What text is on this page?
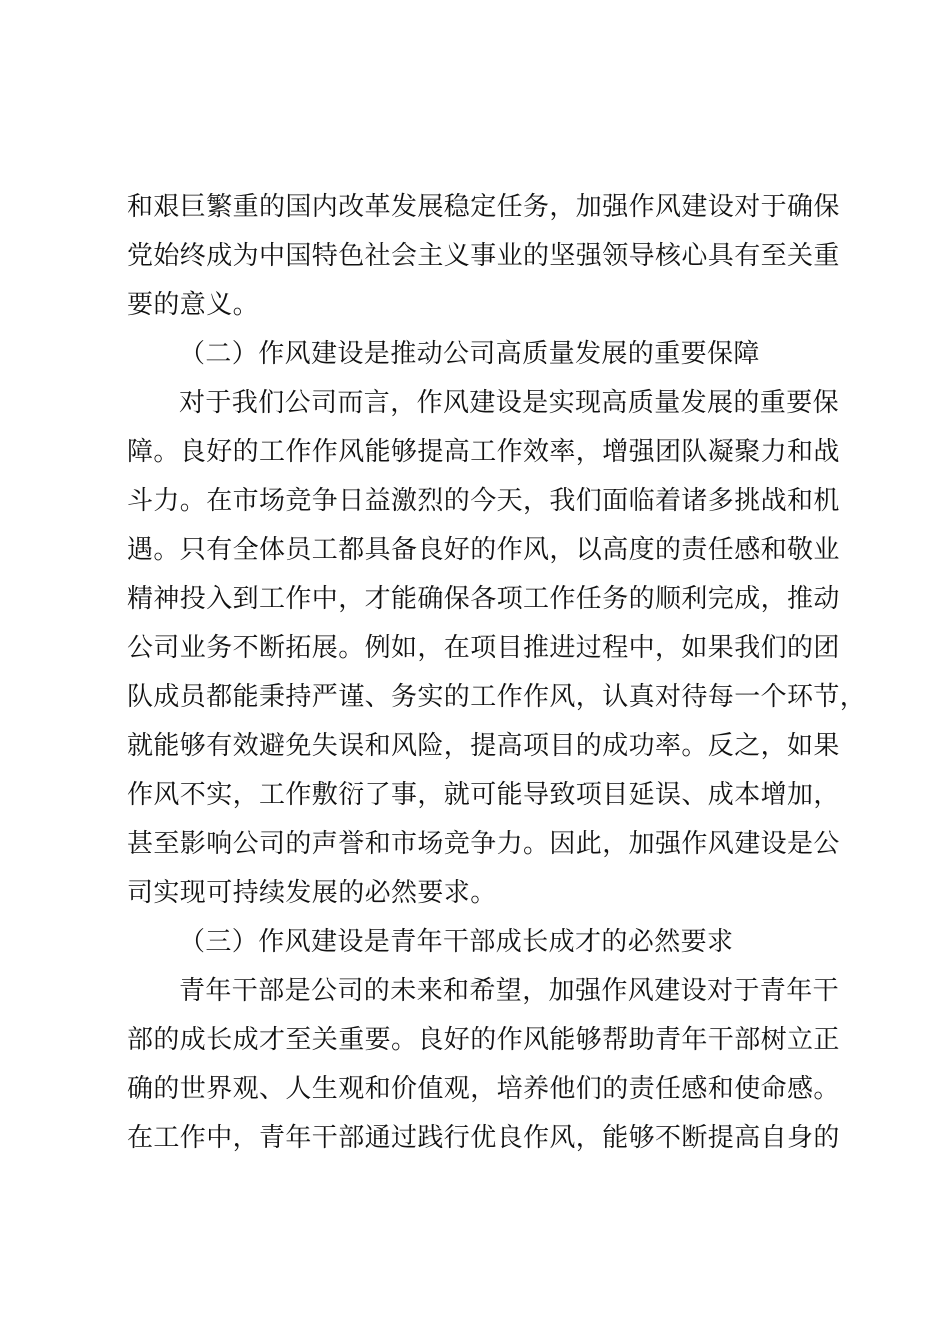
和艰巨繁重的国内改革发展稳定任务，加强作风建设对于确保
党始终成为中国特色社会主义事业的坚强领导核心具有至关重
要的意义。
（二）作风建设是推动公司高质量发展的重要保障
对于我们公司而言，作风建设是实现高质量发展的重要保
障。良好的工作作风能够提高工作效率，增强团队凝聚力和战
斗力。在市场竞争日益激烈的今天，我们面临着诸多挑战和机
遇。只有全体员工都具备良好的作风，以高度的责任感和敬业
精神投入到工作中，才能确保各项工作任务的顺利完成，推动
公司业务不断拓展。例如，在项目推进过程中，如果我们的团
队成员都能秉持严谨、务实的工作作风，认真对待每一个环节，
就能够有效避免失误和风险，提高项目的成功率。反之，如果
作风不实，工作敷衍了事，就可能导致项目延误、成本增加，
甚至影响公司的声誉和市场竞争力。因此，加强作风建设是公
司实现可持续发展的必然要求。
（三）作风建设是青年干部成长成才的必然要求
青年干部是公司的未来和希望，加强作风建设对于青年干
部的成长成才至关重要。良好的作风能够帮助青年干部树立正
确的世界观、人生观和价值观，培养他们的责任感和使命感。
在工作中，青年干部通过践行优良作风，能够不断提高自身的
